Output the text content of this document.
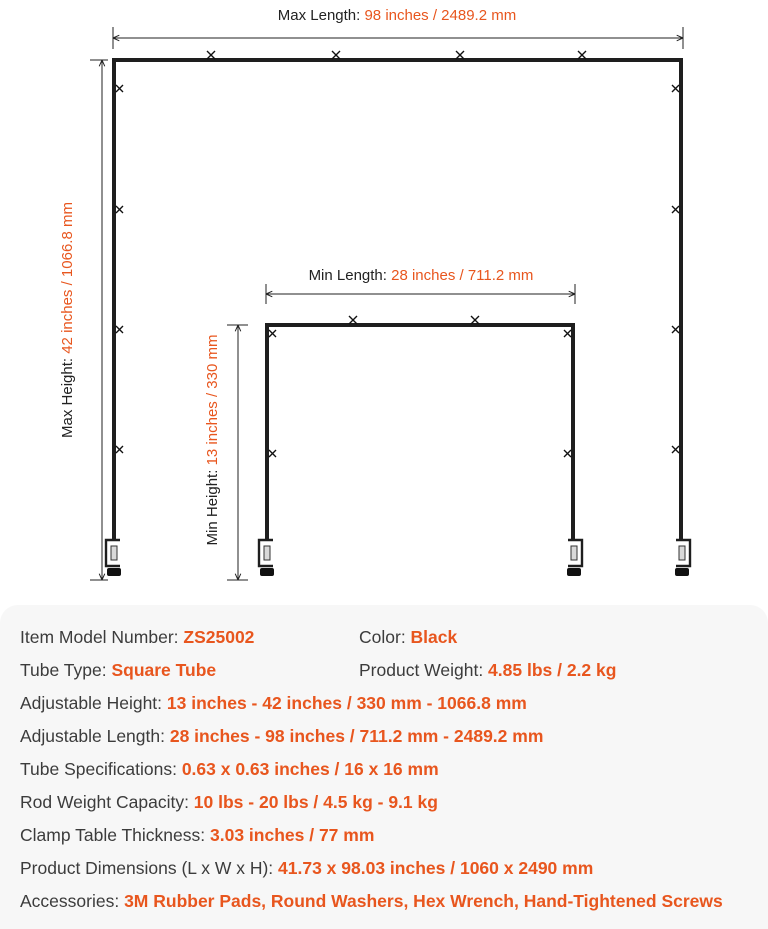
Max Length: 98 inches / 2489.2 mm
Max Height: 42 inches / 1066.8 mm	Min Length: 28 inches / 711.2 mm
Min Height: 13 inches / 330 mm
Item Model Number: ZS25002	Color: Black
Tube Type: Square Tube	Product Weight: 4.85 lbs / 2.2 kg
Adjustable Height: 13 inches - 42 inches / 330 mm - 1066.8 mm
Adjustable Length: 28 inches - 98 inches / 711.2 mm - 2489.2 mm
Tube Specifications: 0.63 x 0.63 inches / 16 x 16 mm
Rod Weight Capacity: 10 lbs - 20 lbs / 4.5 kg - 9.1 kg
Clamp Table Thickness: 3.03 inches / 77 mm
Product Dimensions (L x W x H): 41.73 x 98.03 inches / 1060 x 2490 mm
Accessories: 3M Rubber Pads, Round Washers, Hex Wrench, Hand-Tightened Screws
